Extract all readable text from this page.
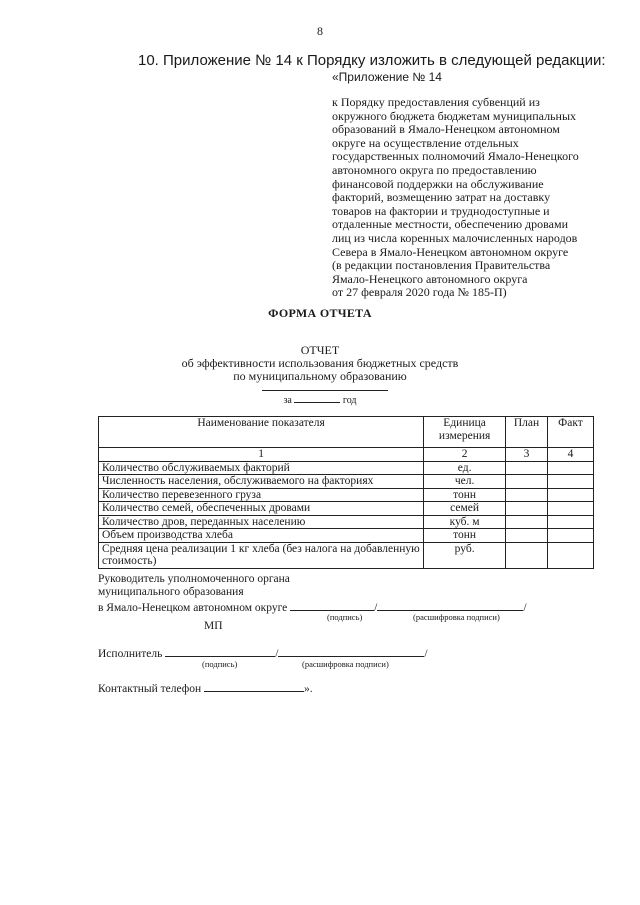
8
10. Приложение № 14 к Порядку изложить в следующей редакции:
«Приложение № 14
к Порядку предоставления субвенций из
окружного бюджета бюджетам муниципальных
образований в Ямало-Ненецком автономном
округе на осуществление отдельных
государственных полномочий Ямало-Ненецкого
автономного округа по предоставлению
финансовой поддержки на обслуживание
факторий, возмещению затрат на доставку
товаров на фактории и труднодоступные и
отдаленные местности, обеспечению дровами
лиц из числа коренных малочисленных народов
Севера в Ямало-Ненецком автономном округе
(в редакции постановления Правительства
Ямало-Ненецкого автономного округа
от 27 февраля 2020 года № 185-П)
ФОРМА ОТЧЕТА
ОТЧЕТ
об эффективности использования бюджетных средств
по муниципальному образованию
за	год
Наименование показателя	Единица измерения	План	Факт
1	2	3	4
Количество обслуживаемых факторий	ед.		
Численность населения, обслуживаемого на факториях	чел.		
Количество перевезенного груза	тонн		
Количество семей, обеспеченных дровами	семей		
Количество дров, переданных населению	куб. м		
Объем производства хлеба	тонн		
Средняя цена реализации 1 кг хлеба (без налога на добавленную стоимость)	руб.		
Руководитель уполномоченного органа
муниципального образования
в Ямало-Ненецком автономном округе	/	/
(подпись)	(расшифровка подписи)
МП
Исполнитель	/	/
(подпись)	(расшифровка подписи)
Контактный телефон	».
